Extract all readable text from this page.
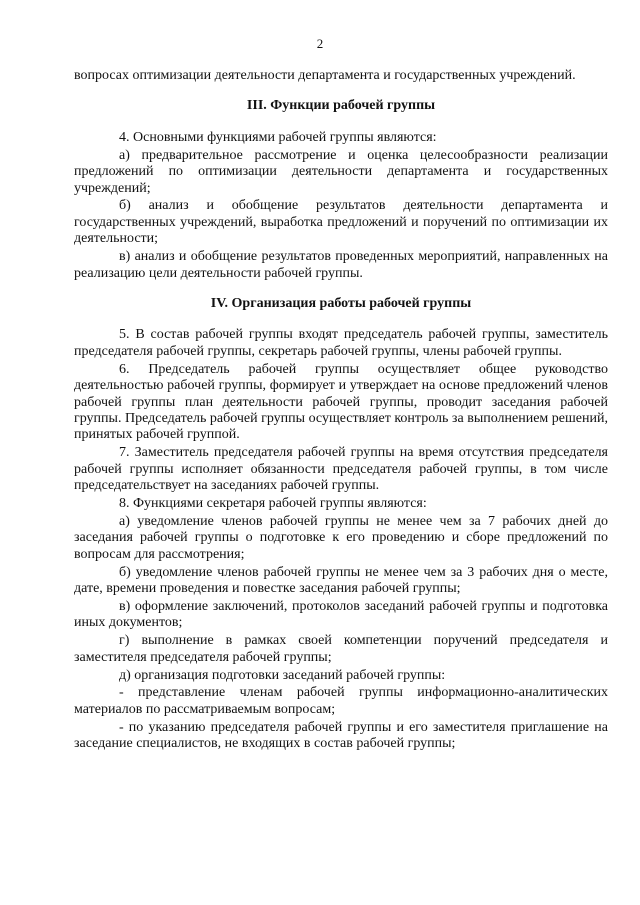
2

вопросах оптимизации деятельности департамента и государственных учреждений.

III. Функции рабочей группы

4. Основными функциями рабочей группы являются:

а) предварительное рассмотрение и оценка целесообразности реализации предложений по оптимизации деятельности департамента и государственных учреждений;

б) анализ и обобщение результатов деятельности департамента и государственных учреждений, выработка предложений и поручений по оптимизации их деятельности;

в) анализ и обобщение результатов проведенных мероприятий, направленных на реализацию цели деятельности рабочей группы.

IV. Организация работы рабочей группы

5. В состав рабочей группы входят председатель рабочей группы, заместитель председателя рабочей группы, секретарь рабочей группы, члены рабочей группы.

6. Председатель рабочей группы осуществляет общее руководство деятельностью рабочей группы, формирует и утверждает на основе предложений членов рабочей группы план деятельности рабочей группы, проводит заседания рабочей группы. Председатель рабочей группы осуществляет контроль за выполнением решений, принятых рабочей группой.

7. Заместитель председателя рабочей группы на время отсутствия председателя рабочей группы исполняет обязанности председателя рабочей группы, в том числе председательствует на заседаниях рабочей группы.

8. Функциями секретаря рабочей группы являются:

а) уведомление членов рабочей группы не менее чем за 7 рабочих дней до заседания рабочей группы о подготовке к его проведению и сборе предложений по вопросам для рассмотрения;

б) уведомление членов рабочей группы не менее чем за 3 рабочих дня о месте, дате, времени проведения и повестке заседания рабочей группы;

в) оформление заключений, протоколов заседаний рабочей группы и подготовка иных документов;

г) выполнение в рамках своей компетенции поручений председателя и заместителя председателя рабочей группы;

д) организация подготовки заседаний рабочей группы:

- представление членам рабочей группы информационно-аналитических материалов по рассматриваемым вопросам;

- по указанию председателя рабочей группы и его заместителя приглашение на заседание специалистов, не входящих в состав рабочей группы;
